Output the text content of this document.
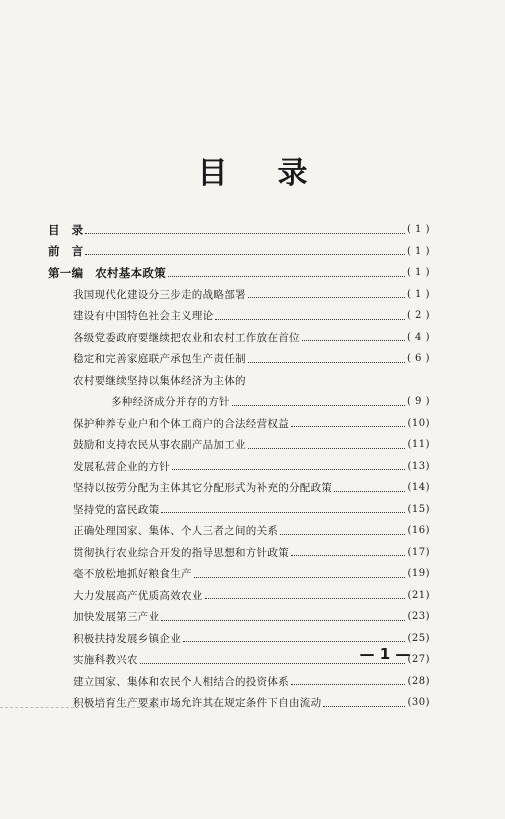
目 录
目　录	( 1 )
前　言	( 1 )
第一编　农村基本政策	( 1 )
我国现代化建设分三步走的战略部署	( 1 )
建设有中国特色社会主义理论	( 2 )
各级党委政府要继续把农业和农村工作放在首位	( 4 )
稳定和完善家庭联产承包生产责任制	( 6 )
农村要继续坚持以集体经济为主体的
多种经济成分并存的方针	( 9 )
保护种养专业户和个体工商户的合法经营权益	(10)
鼓励和支持农民从事农副产品加工业	(11)
发展私营企业的方针	(13)
坚持以按劳分配为主体其它分配形式为补充的分配政策	(14)
坚持党的富民政策	(15)
正确处理国家、集体、个人三者之间的关系	(16)
贯彻执行农业综合开发的指导思想和方针政策	(17)
毫不放松地抓好粮食生产	(19)
大力发展高产优质高效农业	(21)
加快发展第三产业	(23)
积极扶持发展乡镇企业	(25)
实施科教兴农	(27)
建立国家、集体和农民个人相结合的投资体系	(28)
积极培育生产要素市场允许其在规定条件下自由流动	(30)
— 1 —
